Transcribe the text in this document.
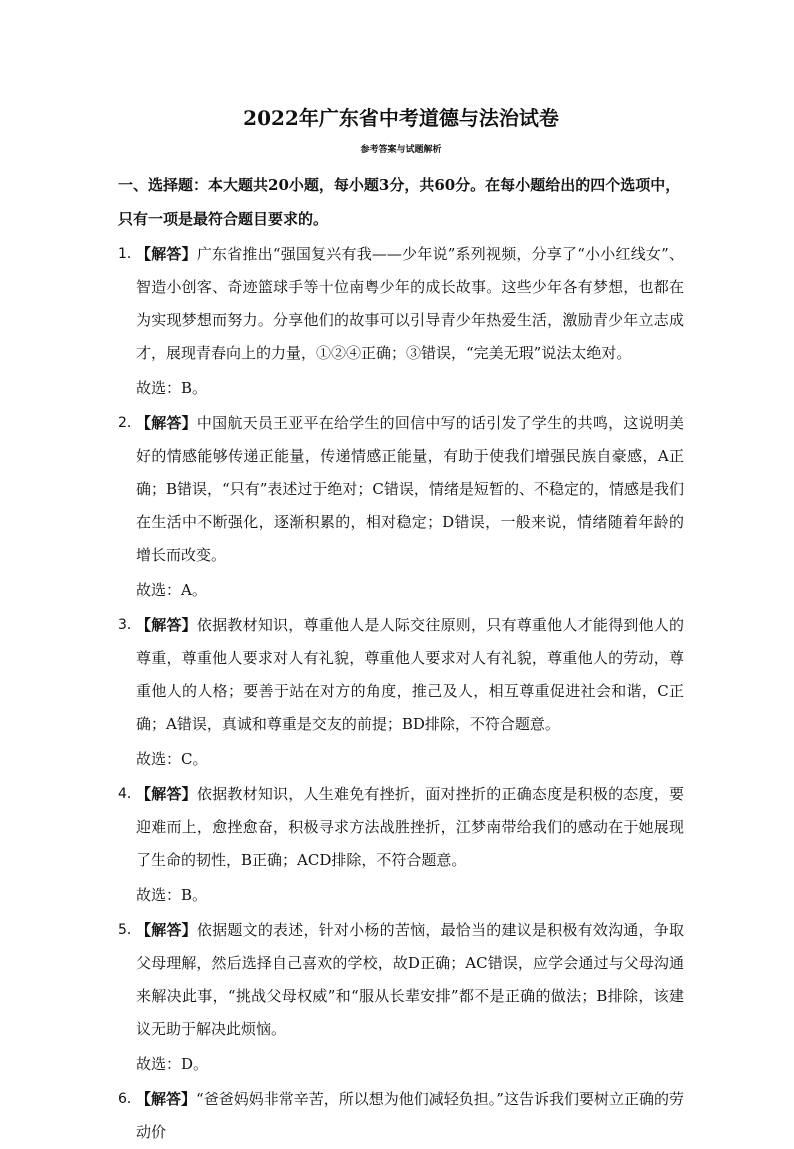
2022年广东省中考道德与法治试卷
参考答案与试题解析
一、选择题：本大题共20小题，每小题3分，共60分。在每小题给出的四个选项中，只有一项是最符合题目要求的。
1．
【解答】广东省推出“强国复兴有我——少年说”系列视频，分享了“小小红线女”、智造小创客、奇迹篮球手等十位南粤少年的成长故事。这些少年各有梦想，也都在为实现梦想而努力。分享他们的故事可以引导青少年热爱生活，激励青少年立志成才，展现青春向上的力量，①②④正确；③错误，“完美无瑕”说法太绝对。
故选：B。
2．
【解答】中国航天员王亚平在给学生的回信中写的话引发了学生的共鸣，这说明美好的情感能够传递正能量，传递情感正能量，有助于使我们增强民族自豪感，A正确；B错误，“只有”表述过于绝对；C错误，情绪是短暂的、不稳定的，情感是我们在生活中不断强化，逐渐积累的，相对稳定；D错误，一般来说，情绪随着年龄的增长而改变。
故选：A。
3．
【解答】依据教材知识，尊重他人是人际交往原则，只有尊重他人才能得到他人的尊重，尊重他人要求对人有礼貌，尊重他人要求对人有礼貌，尊重他人的劳动，尊重他人的人格；要善于站在对方的角度，推己及人，相互尊重促进社会和谐，C正确；A错误，真诚和尊重是交友的前提；BD排除，不符合题意。
故选：C。
4．
【解答】依据教材知识，人生难免有挫折，面对挫折的正确态度是积极的态度，要迎难而上，愈挫愈奋，积极寻求方法战胜挫折，江梦南带给我们的感动在于她展现了生命的韧性，B正确；ACD排除，不符合题意。
故选：B。
5．
【解答】依据题文的表述，针对小杨的苦恼，最恰当的建议是积极有效沟通，争取父母理解，然后选择自己喜欢的学校，故D正确；AC错误，应学会通过与父母沟通来解决此事，“挑战父母权威”和“服从长辈安排”都不是正确的做法；B排除，该建议无助于解决此烦恼。
故选：D。
6．
【解答】“爸爸妈妈非常辛苦，所以想为他们减轻负担。”这告诉我们要树立正确的劳动价
